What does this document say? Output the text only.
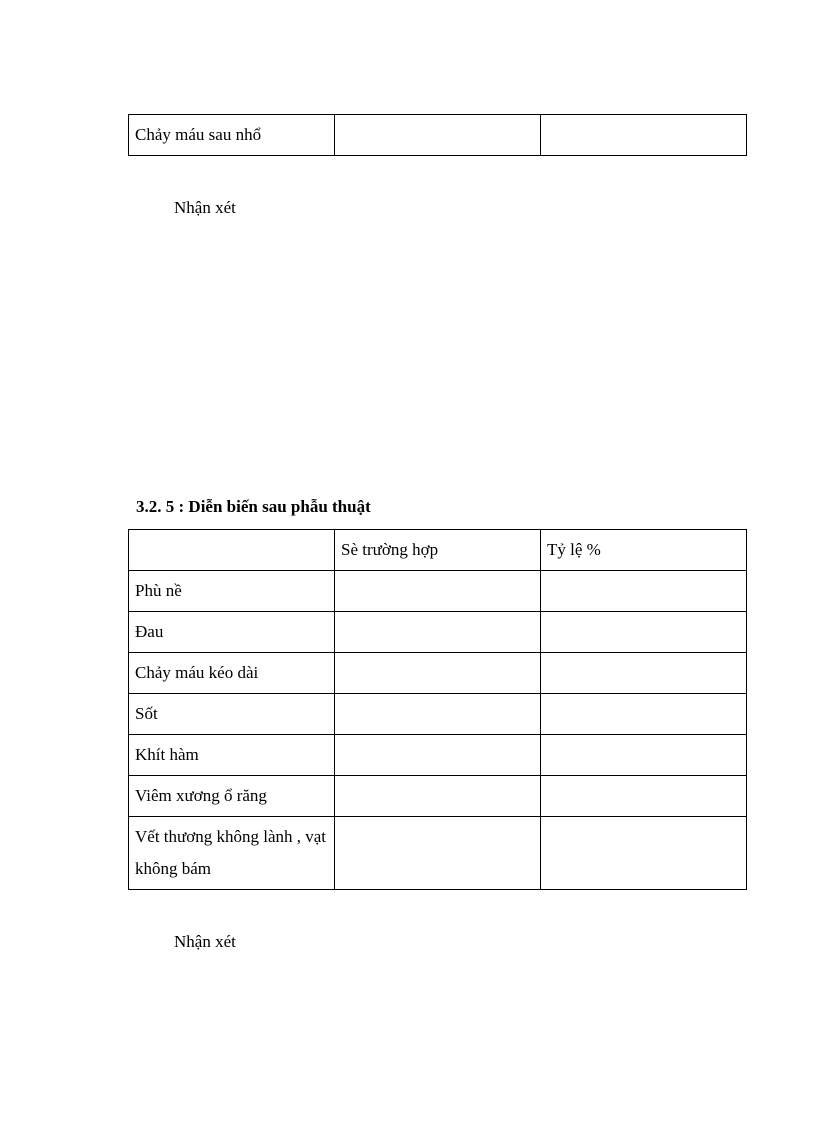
Chảy máu sau nhổ		
Nhận xét
3.2. 5 : Diễn biến sau phẫu thuật
	Sè trường hợp	Tỷ lệ %
Phù nề		
Đau		
Chảy máu kéo dài		
Sốt		
Khít hàm		
Viêm xương ổ răng		
Vết thương không lành , vạt không bám		
Nhận xét
